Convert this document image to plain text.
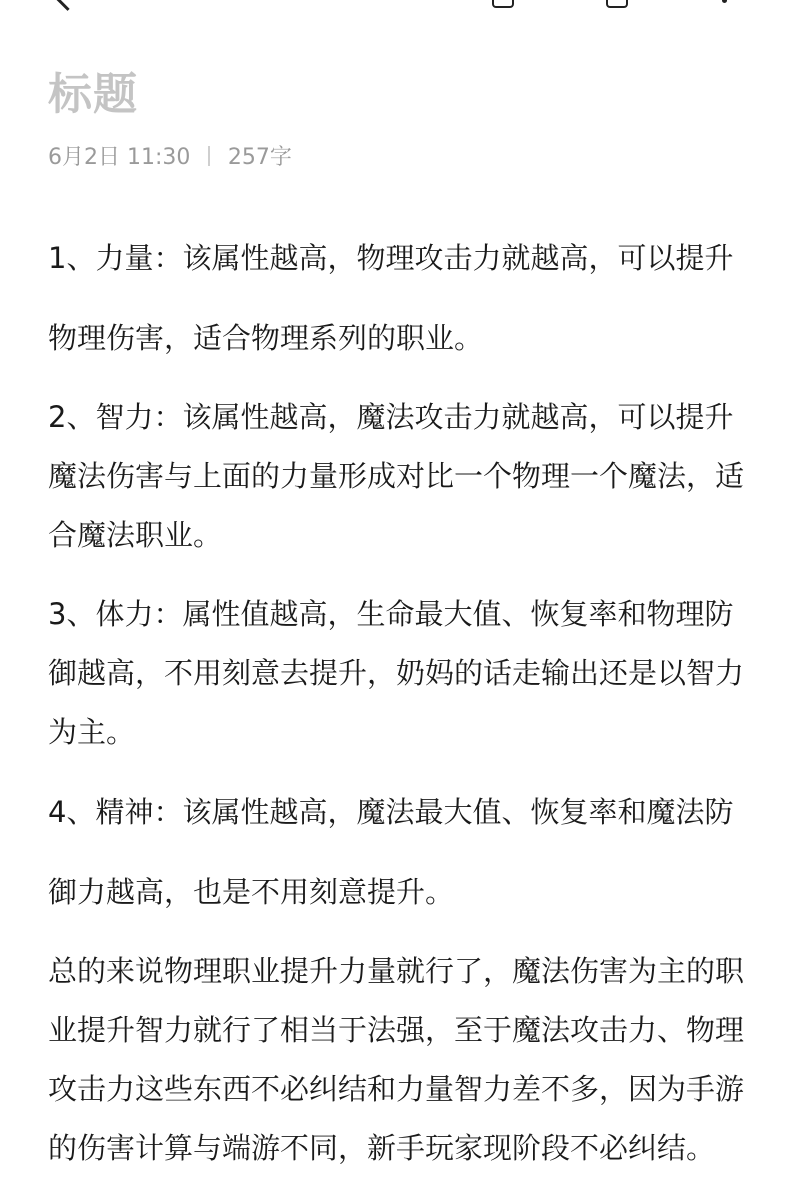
标题
6月2日 11:30 257字

1、力量：该属性越高，物理攻击力就越高，可以提升物理伤害，适合物理系列的职业。

2、智力：该属性越高，魔法攻击力就越高，可以提升魔法伤害与上面的力量形成对比一个物理一个魔法，适合魔法职业。

3、体力：属性值越高，生命最大值、恢复率和物理防御越高，不用刻意去提升，奶妈的话走输出还是以智力为主。

4、精神：该属性越高，魔法最大值、恢复率和魔法防御力越高，也是不用刻意提升。

总的来说物理职业提升力量就行了，魔法伤害为主的职业提升智力就行了相当于法强，至于魔法攻击力、物理攻击力这些东西不必纠结和力量智力差不多，因为手游的伤害计算与端游不同，新手玩家现阶段不必纠结。
